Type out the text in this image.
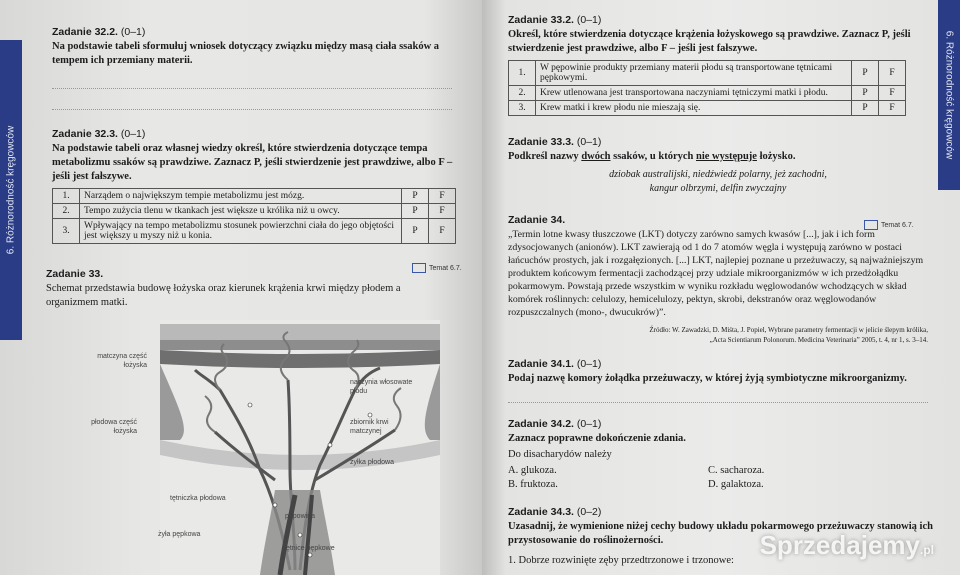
6. Różnorodność kręgowców
Zadanie 32.2. (0–1)

Na podstawie tabeli sformułuj wniosek dotyczący związku między masą ciała ssaków a tempem ich przemiany materii.

Zadanie 32.3. (0–1)

Na podstawie tabeli oraz własnej wiedzy określ, które stwierdzenia dotyczące tempa metabolizmu ssaków są prawdziwe. Zaznacz P, jeśli stwierdzenie jest prawdziwe, albo F – jeśli jest fałszywe.

1.	Narządem o największym tempie metabolizmu jest mózg.	P	F
2.	Tempo zużycia tlenu w tkankach jest większe u królika niż u owcy.	P	F
3.	Wpływający na tempo metabolizmu stosunek powierzchni ciała do jego objętości jest większy u myszy niż u konia.	P	F
Temat 6.7.
Zadanie 33.

Schemat przedstawia budowę łożyska oraz kierunek krążenia krwi między płodem a organizmem matki.

matczyna część łożyska
płodowa część łożyska
naczynia włosowate płodu
zbiornik krwi matczynej
żyłka płodowa
tętniczka płodowa
pępowina
żyła pępkowa
tętnice pępkowe
6. Różnorodność kręgowców
Zadanie 33.2. (0–1)

Określ, które stwierdzenia dotyczące krążenia łożyskowego są prawdziwe. Zaznacz P, jeśli stwierdzenie jest prawdziwe, albo F – jeśli jest fałszywe.

1.	W pępowinie produkty przemiany materii płodu są transportowane tętnicami pępkowymi.	P	F
2.	Krew utlenowana jest transportowana naczyniami tętniczymi matki i płodu.	P	F
3.	Krew matki i krew płodu nie mieszają się.	P	F
Zadanie 33.3. (0–1)

Podkreśl nazwy dwóch ssaków, u których nie występuje łożysko.

dziobak australijski, niedźwiedź polarny, jeż zachodni,
kangur olbrzymi, delfin zwyczajny
Temat 6.7.
Zadanie 34.

„Termin lotne kwasy tłuszczowe (LKT) dotyczy zarówno samych kwasów [...], jak i ich form zdysocjowanych (anionów). LKT zawierają od 1 do 7 atomów węgla i występują zarówno w postaci łańcuchów prostych, jak i rozgałęzionych. [...] LKT, najlepiej poznane u przeżuwaczy, są najważniejszym produktem końcowym fermentacji zachodzącej przy udziale mikroorganizmów w ich przedżołądku pokarmowym. Powstają przede wszystkim w wyniku rozkładu węglowodanów wchodzących w skład komórek roślinnych: celulozy, hemicelulozy, pektyn, skrobi, dekstranów oraz węglowodanów rozpuszczalnych (mono-, dwucukrów)”.

Źródło: W. Zawadzki, D. Miśta, J. Popiel, Wybrane parametry fermentacji w jelicie ślepym królika,
„Acta Scientiarum Polonorum. Medicina Veterinaria” 2005, t. 4, nr 1, s. 3–14.
Zadanie 34.1. (0–1)

Podaj nazwę komory żołądka przeżuwaczy, w której żyją symbiotyczne mikroorganizmy.

Zadanie 34.2. (0–1)

Zaznacz poprawne dokończenie zdania.

Do disacharydów należy

A. glukoza.	C. sacharoza.
B. fruktoza.	D. galaktoza.
Zadanie 34.3. (0–2)

Uzasadnij, że wymienione niżej cechy budowy układu pokarmowego przeżuwaczy stanowią ich przystosowanie do roślinożerności.

1. Dobrze rozwinięte zęby przedtrzonowe i trzonowe:

Sprzedajemy.pl
